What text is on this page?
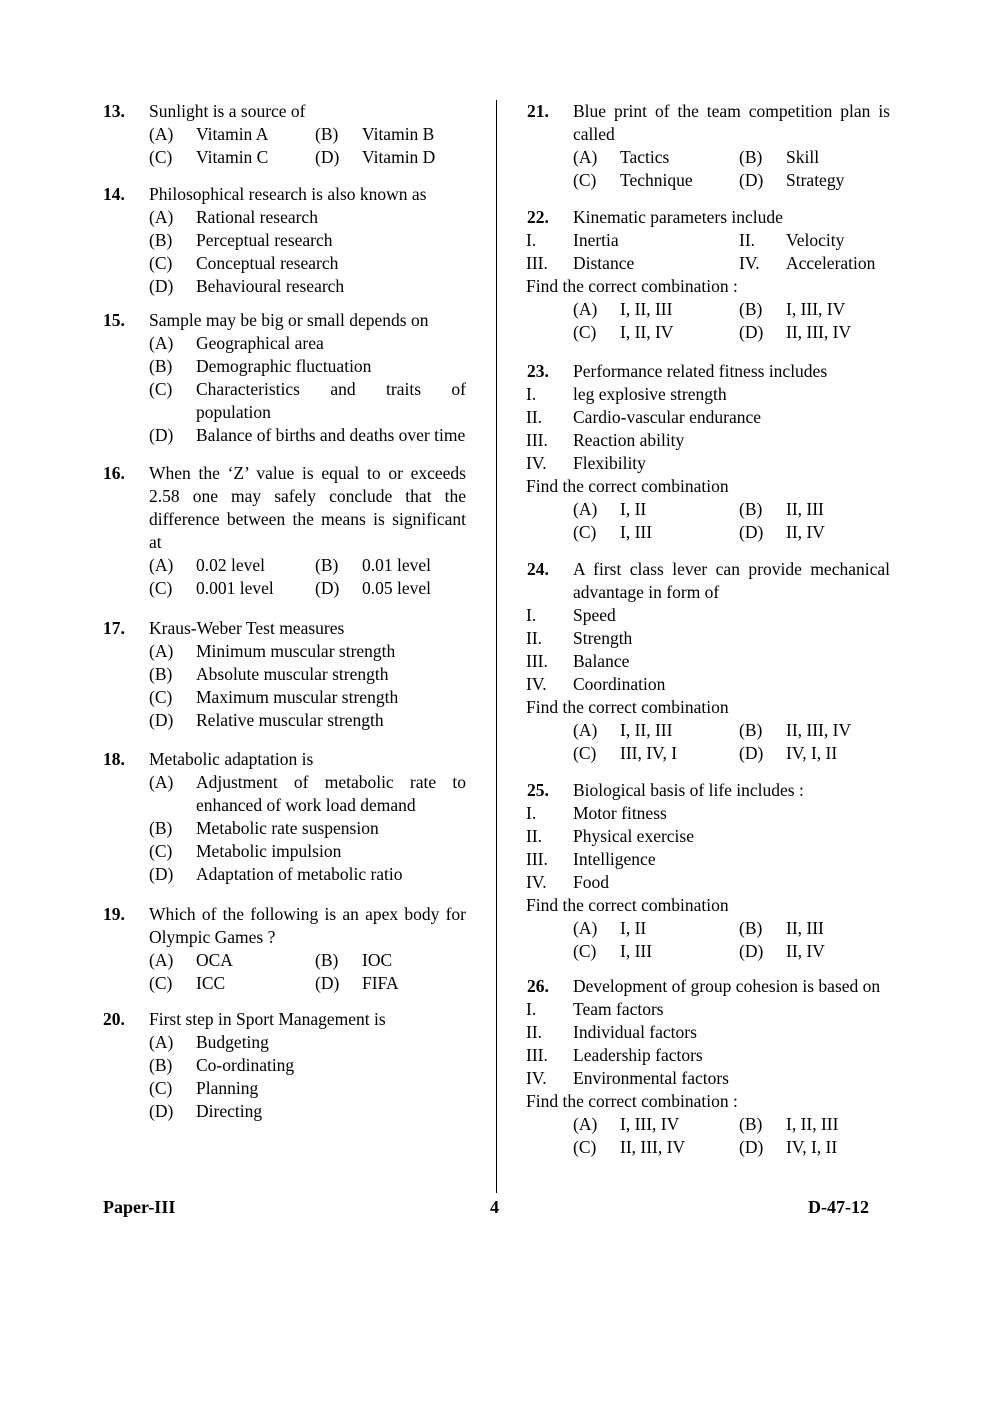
13. Sunlight is a source of
(A) Vitamin A	(B) Vitamin B
(C) Vitamin C	(D) Vitamin D
14. Philosophical research is also known as
(A) Rational research
(B) Perceptual research
(C) Conceptual research
(D) Behavioural research
15. Sample may be big or small depends on
(A) Geographical area
(B) Demographic fluctuation
(C) Characteristics and traits of population
(D) Balance of births and deaths over time
16. When the ‘Z’ value is equal to or exceeds 2.58 one may safely conclude that the difference between the means is significant at
(A) 0.02 level	(B) 0.01 level
(C) 0.001 level	(D) 0.05 level
17. Kraus-Weber Test measures
(A) Minimum muscular strength
(B) Absolute muscular strength
(C) Maximum muscular strength
(D) Relative muscular strength
18. Metabolic adaptation is
(A) Adjustment of metabolic rate to enhanced of work load demand
(B) Metabolic rate suspension
(C) Metabolic impulsion
(D) Adaptation of metabolic ratio
19. Which of the following is an apex body for Olympic Games ?
(A) OCA	(B) IOC
(C) ICC	(D) FIFA
20. First step in Sport Management is
(A) Budgeting
(B) Co-ordinating
(C) Planning
(D) Directing
21. Blue print of the team competition plan is called
(A) Tactics	(B) Skill
(C) Technique	(D) Strategy
22. Kinematic parameters include
I. Inertia	II. Velocity
III. Distance	IV. Acceleration
Find the correct combination :
(A) I, II, III	(B) I, III, IV
(C) I, II, IV	(D) II, III, IV
23. Performance related fitness includes
I. leg explosive strength
II. Cardio-vascular endurance
III. Reaction ability
IV. Flexibility
Find the correct combination
(A) I, II	(B) II, III
(C) I, III	(D) II, IV
24. A first class lever can provide mechanical advantage in form of
I. Speed
II. Strength
III. Balance
IV. Coordination
Find the correct combination
(A) I, II, III	(B) II, III, IV
(C) III, IV, I	(D) IV, I, II
25. Biological basis of life includes :
I. Motor fitness
II. Physical exercise
III. Intelligence
IV. Food
Find the correct combination
(A) I, II	(B) II, III
(C) I, III	(D) II, IV
26. Development of group cohesion is based on
I. Team factors
II. Individual factors
III. Leadership factors
IV. Environmental factors
Find the correct combination :
(A) I, III, IV	(B) I, II, III
(C) II, III, IV	(D) IV, I, II
Paper-III	4	D-47-12
